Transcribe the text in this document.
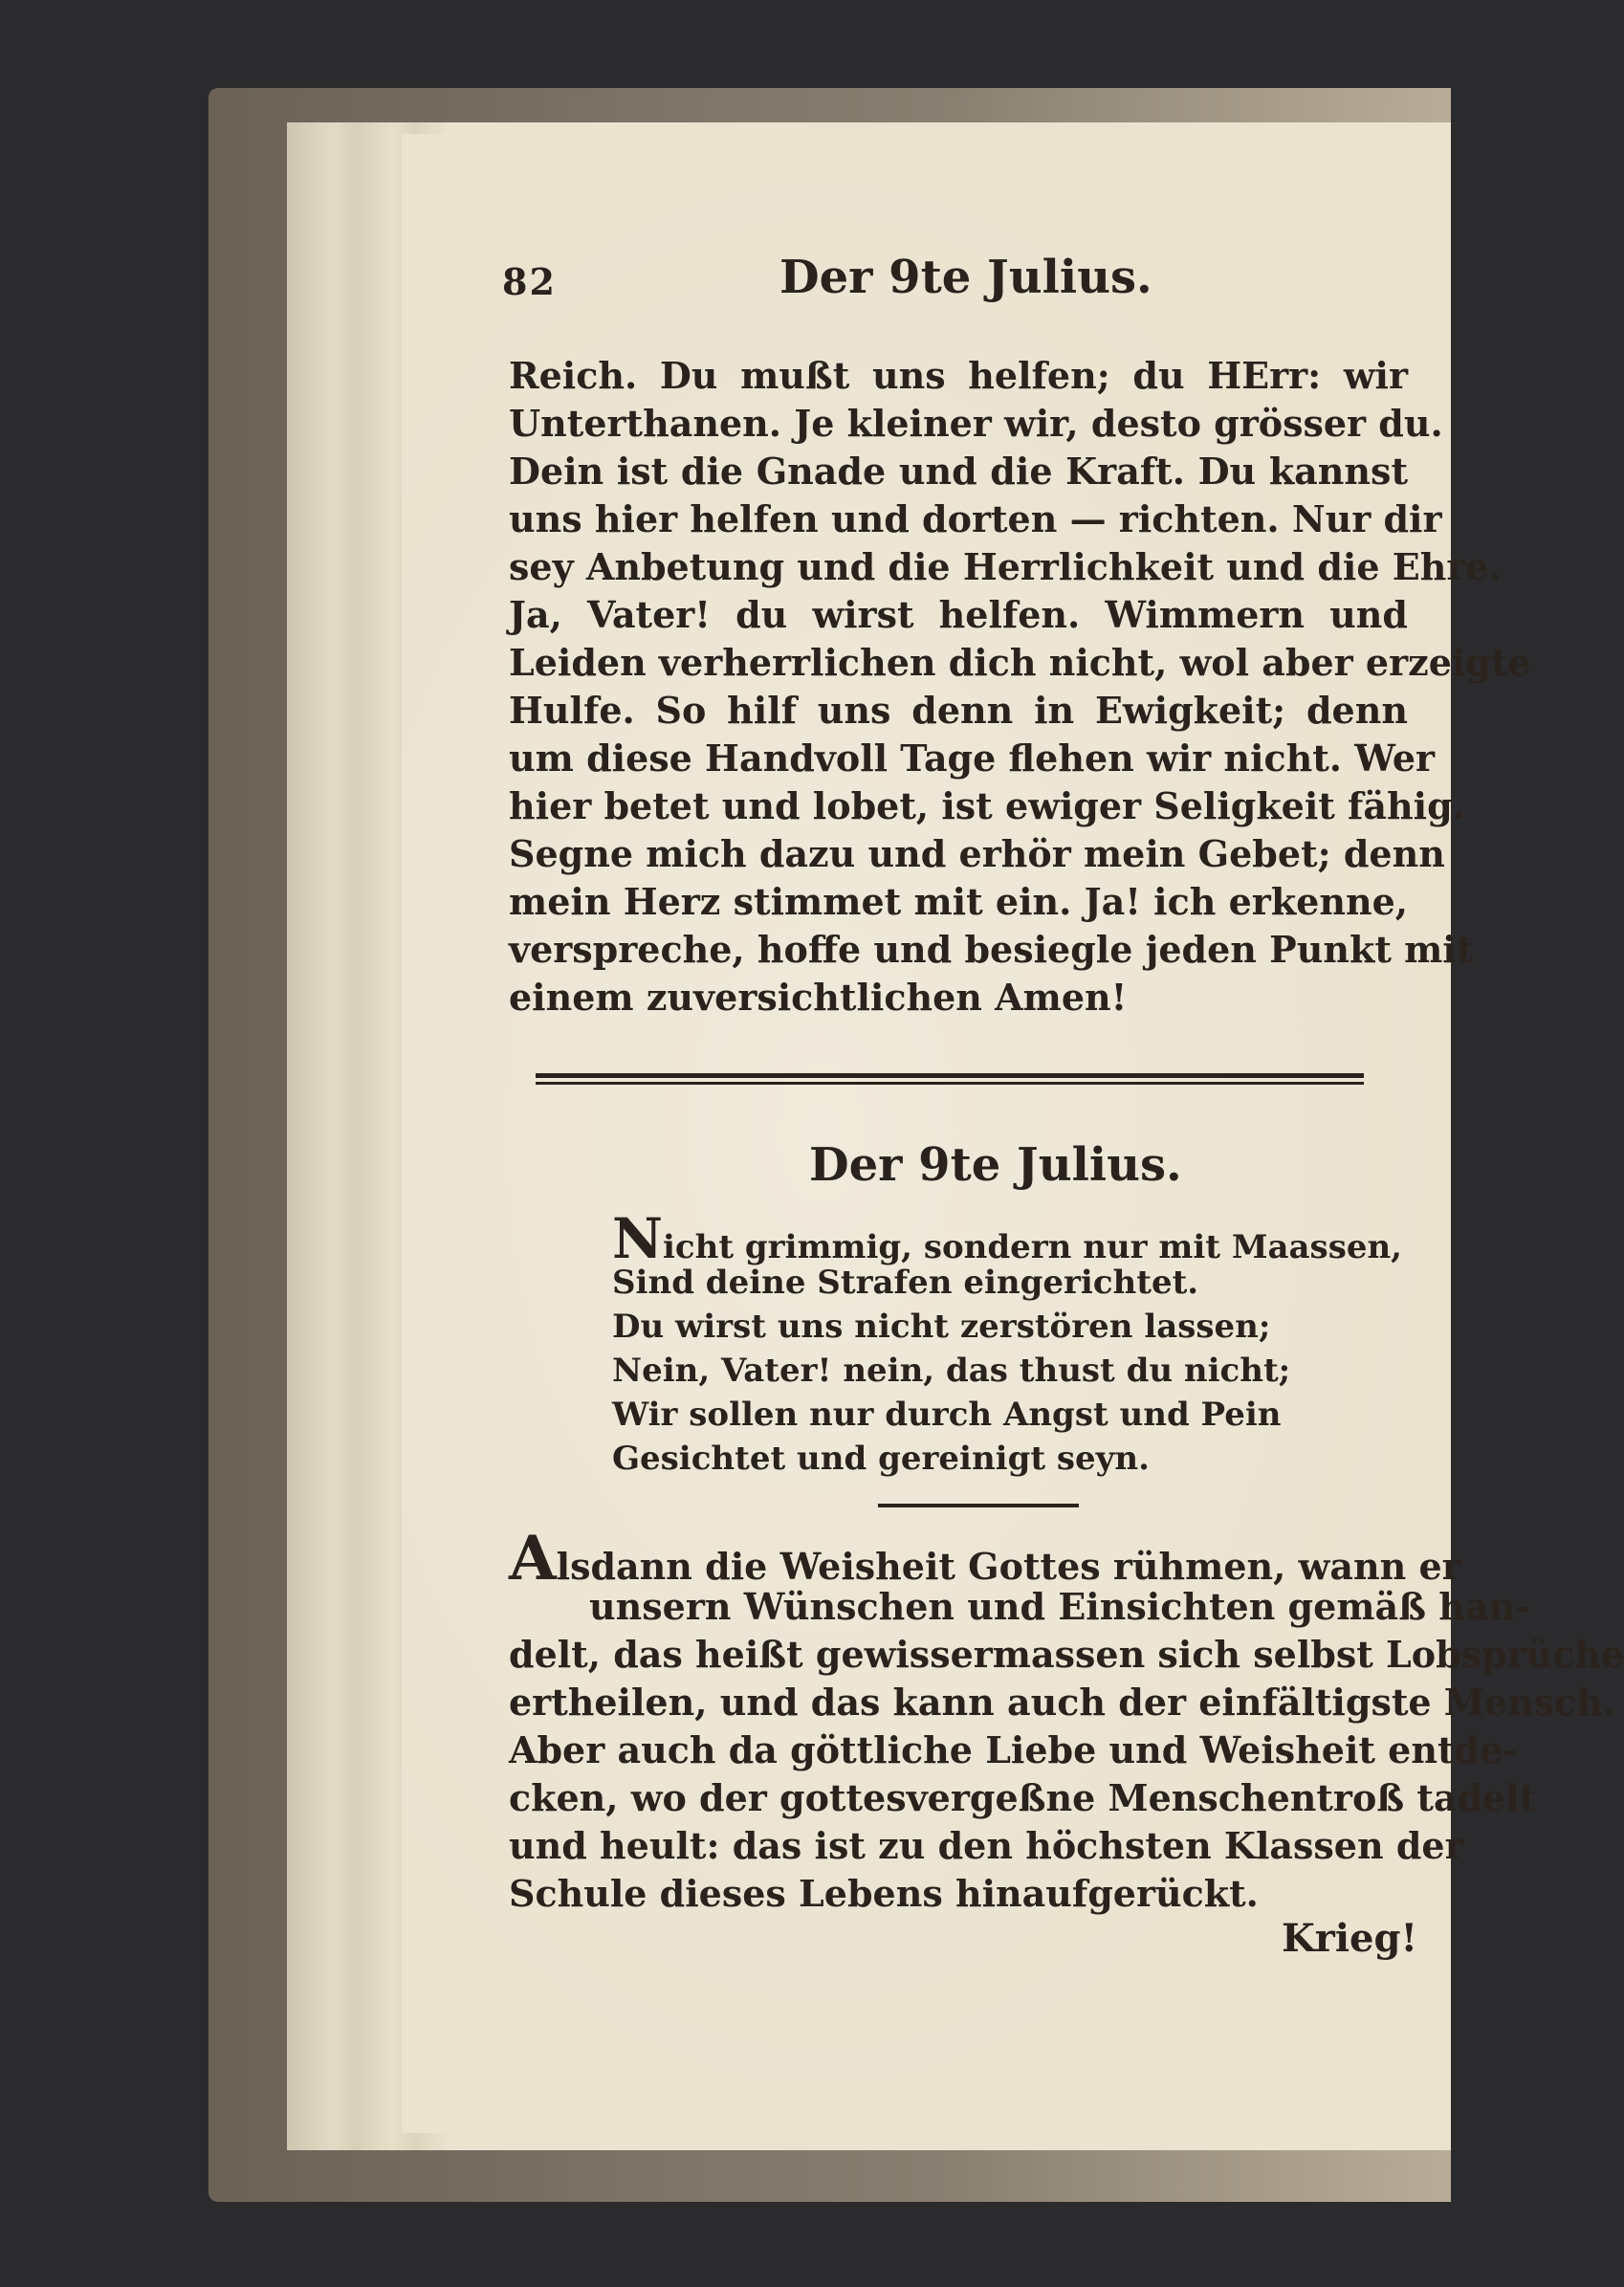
82	Der 9te Julius.
Reich. Du mußt uns helfen; du HErr: wir
Unterthanen. Je kleiner wir, desto grösser du.
Dein ist die Gnade und die Kraft. Du kannst
uns hier helfen und dorten — richten. Nur dir
sey Anbetung und die Herrlichkeit und die Ehre.
Ja, Vater! du wirst helfen. Wimmern und
Leiden verherrlichen dich nicht, wol aber erzeigte
Hulfe. So hilf uns denn in Ewigkeit; denn
um diese Handvoll Tage flehen wir nicht. Wer
hier betet und lobet, ist ewiger Seligkeit fähig.
Segne mich dazu und erhör mein Gebet; denn
mein Herz stimmet mit ein. Ja! ich erkenne,
verspreche, hoffe und besiegle jeden Punkt mit
einem zuversichtlichen Amen!
Der 9te Julius.
Nicht grimmig, sondern nur mit Maassen,
Sind deine Strafen eingerichtet.
Du wirst uns nicht zerstören lassen;
Nein, Vater! nein, das thust du nicht;
Wir sollen nur durch Angst und Pein
Gesichtet und gereinigt seyn.
Alsdann die Weisheit Gottes rühmen, wann er
unsern Wünschen und Einsichten gemäß han-
delt, das heißt gewissermassen sich selbst Lobsprüche
ertheilen, und das kann auch der einfältigste Mensch.
Aber auch da göttliche Liebe und Weisheit entde-
cken, wo der gottesvergeßne Menschentroß tadelt
und heult: das ist zu den höchsten Klassen der
Schule dieses Lebens hinaufgerückt.
Krieg!
